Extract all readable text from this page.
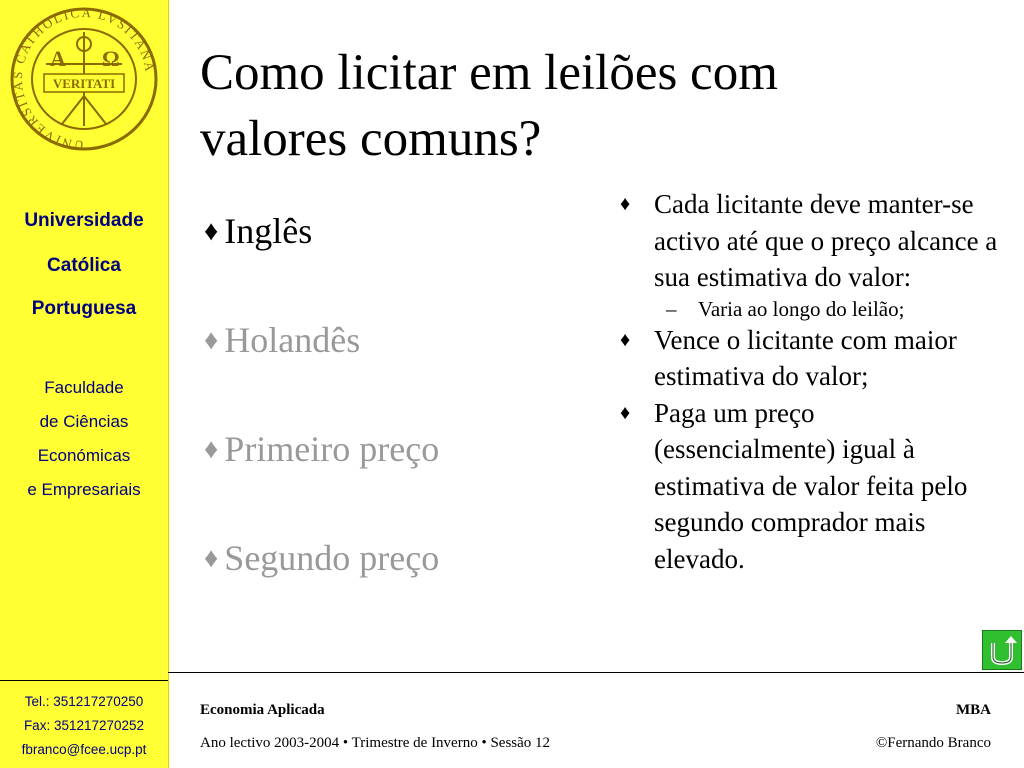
UNIVERSITAS CATHOLICA LVSITANA
A Ω
VERITATI
Universidade
Católica
Portuguesa
Faculdade
de Ciências
Económicas
e Empresariais
Tel.: 351217270250
Fax: 351217270252
fbranco@fcee.ucp.pt
Como licitar em leilões com
valores comuns?
♦ Inglês
♦ Holandês
♦ Primeiro preço
♦ Segundo preço
♦ Cada licitante deve manter-se activo até que o preço alcance a sua estimativa do valor:
– Varia ao longo do leilão;
♦ Vence o licitante com maior estimativa do valor;
♦ Paga um preço (essencialmente) igual à estimativa de valor feita pelo segundo comprador mais elevado.
Economia Aplicada	MBA
Ano lectivo 2003-2004 • Trimestre de Inverno • Sessão 12	©Fernando Branco
